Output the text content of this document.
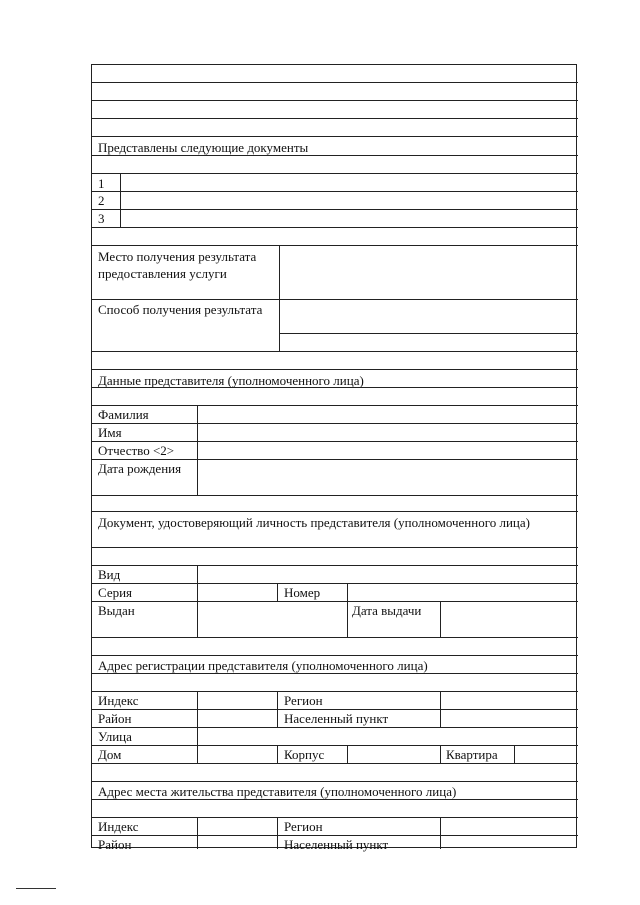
Представлены следующие документы
1
2
3
Место получения результата предоставления услуги
Способ получения результата
Данные представителя (уполномоченного лица)
Фамилия
Имя
Отчество <2>
Дата рождения
Документ, удостоверяющий личность представителя (уполномоченного лица)
Вид
Серия	Номер
Выдан	Дата выдачи
Адрес регистрации представителя (уполномоченного лица)
Индекс	Регион
Район	Населенный пункт
Улица
Дом	Корпус	Квартира
Адрес места жительства представителя (уполномоченного лица)
Индекс	Регион
Район	Населенный пункт
